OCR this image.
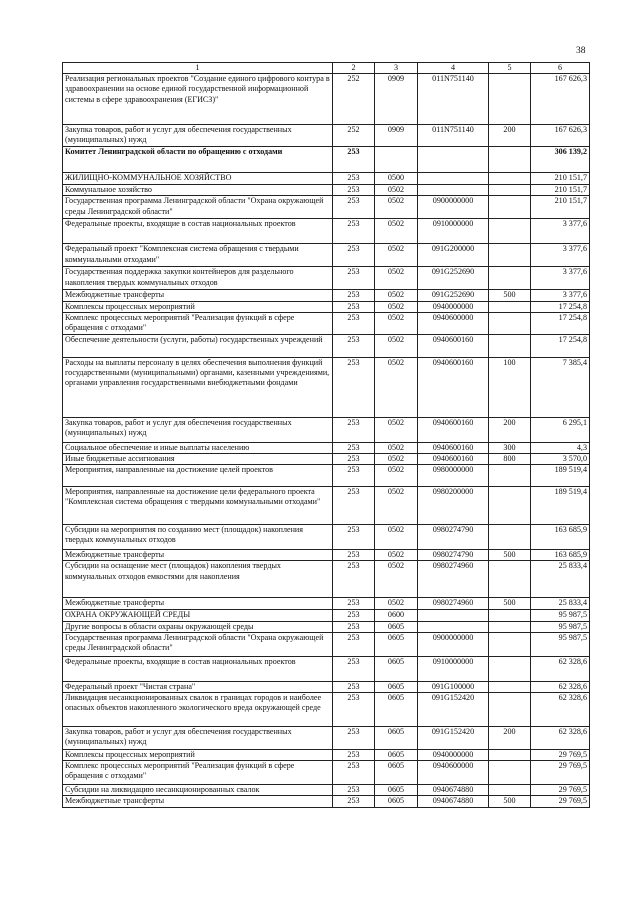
38
1	2	3	4	5	6
Реализация региональных проектов "Создание единого цифрового контура в здравоохранении на основе единой государственной информационной системы в сфере здравоохранения (ЕГИСЗ)"	252	0909	011N751140		167 626,3
Закупка товаров, работ и услуг для обеспечения государственных (муниципальных) нужд	252	0909	011N751140	200	167 626,3
Комитет Ленинградской области по обращению с отходами	253				306 139,2
ЖИЛИЩНО-КОММУНАЛЬНОЕ ХОЗЯЙСТВО	253	0500			210 151,7
Коммунальное хозяйство	253	0502			210 151,7
Государственная программа Ленинградской области "Охрана окружающей среды Ленинградской области"	253	0502	0900000000		210 151,7
Федеральные проекты, входящие в состав национальных проектов	253	0502	0910000000		3 377,6
Федеральный проект "Комплексная система обращения с твердыми коммунальными отходами"	253	0502	091G200000		3 377,6
Государственная поддержка закупки контейнеров для раздельного накопления твердых коммунальных отходов	253	0502	091G252690		3 377,6
Межбюджетные трансферты	253	0502	091G252690	500	3 377,6
Комплексы процессных мероприятий	253	0502	0940000000		17 254,8
Комплекс процессных мероприятий "Реализация функций в сфере обращения с отходами"	253	0502	0940600000		17 254,8
Обеспечение деятельности (услуги, работы) государственных учреждений	253	0502	0940600160		17 254,8
Расходы на выплаты персоналу в целях обеспечения выполнения функций государственными (муниципальными) органами, казенными учреждениями, органами управления государственными внебюджетными фондами	253	0502	0940600160	100	7 385,4
Закупка товаров, работ и услуг для обеспечения государственных (муниципальных) нужд	253	0502	0940600160	200	6 295,1
Социальное обеспечение и иные выплаты населению	253	0502	0940600160	300	4,3
Иные бюджетные ассигнования	253	0502	0940600160	800	3 570,0
Мероприятия, направленные на достижение целей проектов	253	0502	0980000000		189 519,4
Мероприятия, направленные на достижение цели федерального проекта "Комплексная система обращения с твердыми коммунальными отходами"	253	0502	0980200000		189 519,4
Субсидии на мероприятия по созданию мест (площадок) накопления твердых коммунальных отходов	253	0502	0980274790		163 685,9
Межбюджетные трансферты	253	0502	0980274790	500	163 685,9
Субсидии на оснащение мест (площадок) накопления твердых коммунальных отходов емкостями для накопления	253	0502	0980274960		25 833,4
Межбюджетные трансферты	253	0502	0980274960	500	25 833,4
ОХРАНА ОКРУЖАЮЩЕЙ СРЕДЫ	253	0600			95 987,5
Другие вопросы в области охраны окружающей среды	253	0605			95 987,5
Государственная программа Ленинградской области "Охрана окружающей среды Ленинградской области"	253	0605	0900000000		95 987,5
Федеральные проекты, входящие в состав национальных проектов	253	0605	0910000000		62 328,6
Федеральный проект "Чистая страна"	253	0605	091G100000		62 328,6
Ликвидация несанкционированных свалок в границах городов и наиболее опасных объектов накопленного экологического вреда окружающей среде	253	0605	091G152420		62 328,6
Закупка товаров, работ и услуг для обеспечения государственных (муниципальных) нужд	253	0605	091G152420	200	62 328,6
Комплексы процессных мероприятий	253	0605	0940000000		29 769,5
Комплекс процессных мероприятий "Реализация функций в сфере обращения с отходами"	253	0605	0940600000		29 769,5
Субсидии на ликвидацию несанкционированных свалок	253	0605	0940674880		29 769,5
Межбюджетные трансферты	253	0605	0940674880	500	29 769,5
